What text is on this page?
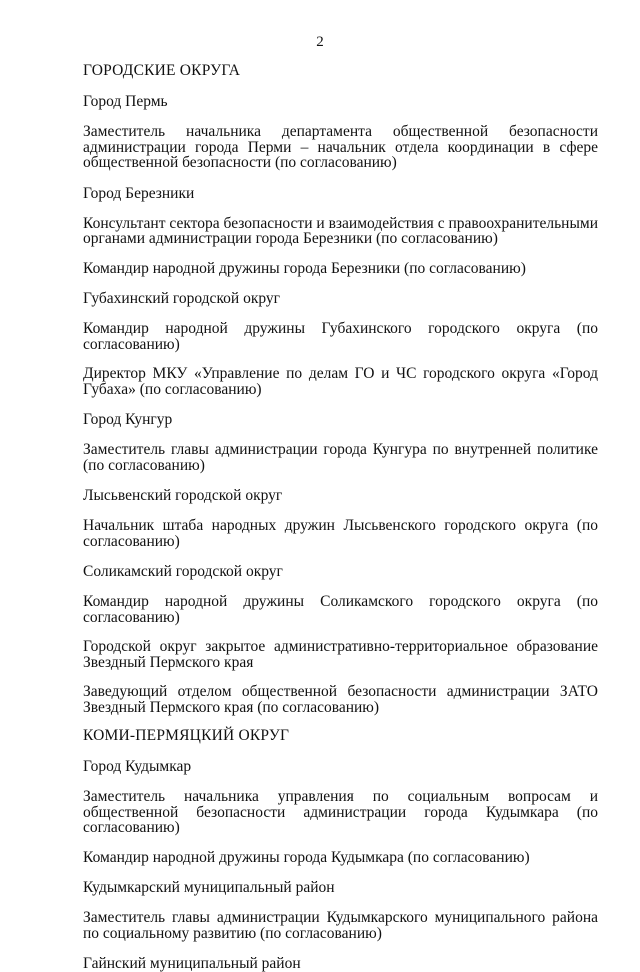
2

ГОРОДСКИЕ ОКРУГА

Город Пермь

Заместитель начальника департамента общественной безопасности администрации города Перми – начальник отдела координации в сфере общественной безопасности (по согласованию)

Город Березники

Консультант сектора безопасности и взаимодействия с правоохранительными органами администрации города Березники (по согласованию)

Командир народной дружины города Березники (по согласованию)

Губахинский городской округ

Командир народной дружины Губахинского городского округа (по согласованию)

Директор МКУ «Управление по делам ГО и ЧС городского округа «Город Губаха» (по согласованию)

Город Кунгур

Заместитель главы администрации города Кунгура по внутренней политике (по согласованию)

Лысьвенский городской округ

Начальник штаба народных дружин Лысьвенского городского округа (по согласованию)

Соликамский городской округ

Командир народной дружины Соликамского городского округа (по согласованию)

Городской округ закрытое административно-территориальное образование Звездный Пермского края

Заведующий отделом общественной безопасности администрации ЗАТО Звездный Пермского края (по согласованию)

КОМИ-ПЕРМЯЦКИЙ ОКРУГ

Город Кудымкар

Заместитель начальника управления по социальным вопросам и общественной безопасности администрации города Кудымкара (по согласованию)

Командир народной дружины города Кудымкара (по согласованию)

Кудымкарский муниципальный район

Заместитель главы администрации Кудымкарского муниципального района по социальному развитию (по согласованию)

Гайнский муниципальный район
